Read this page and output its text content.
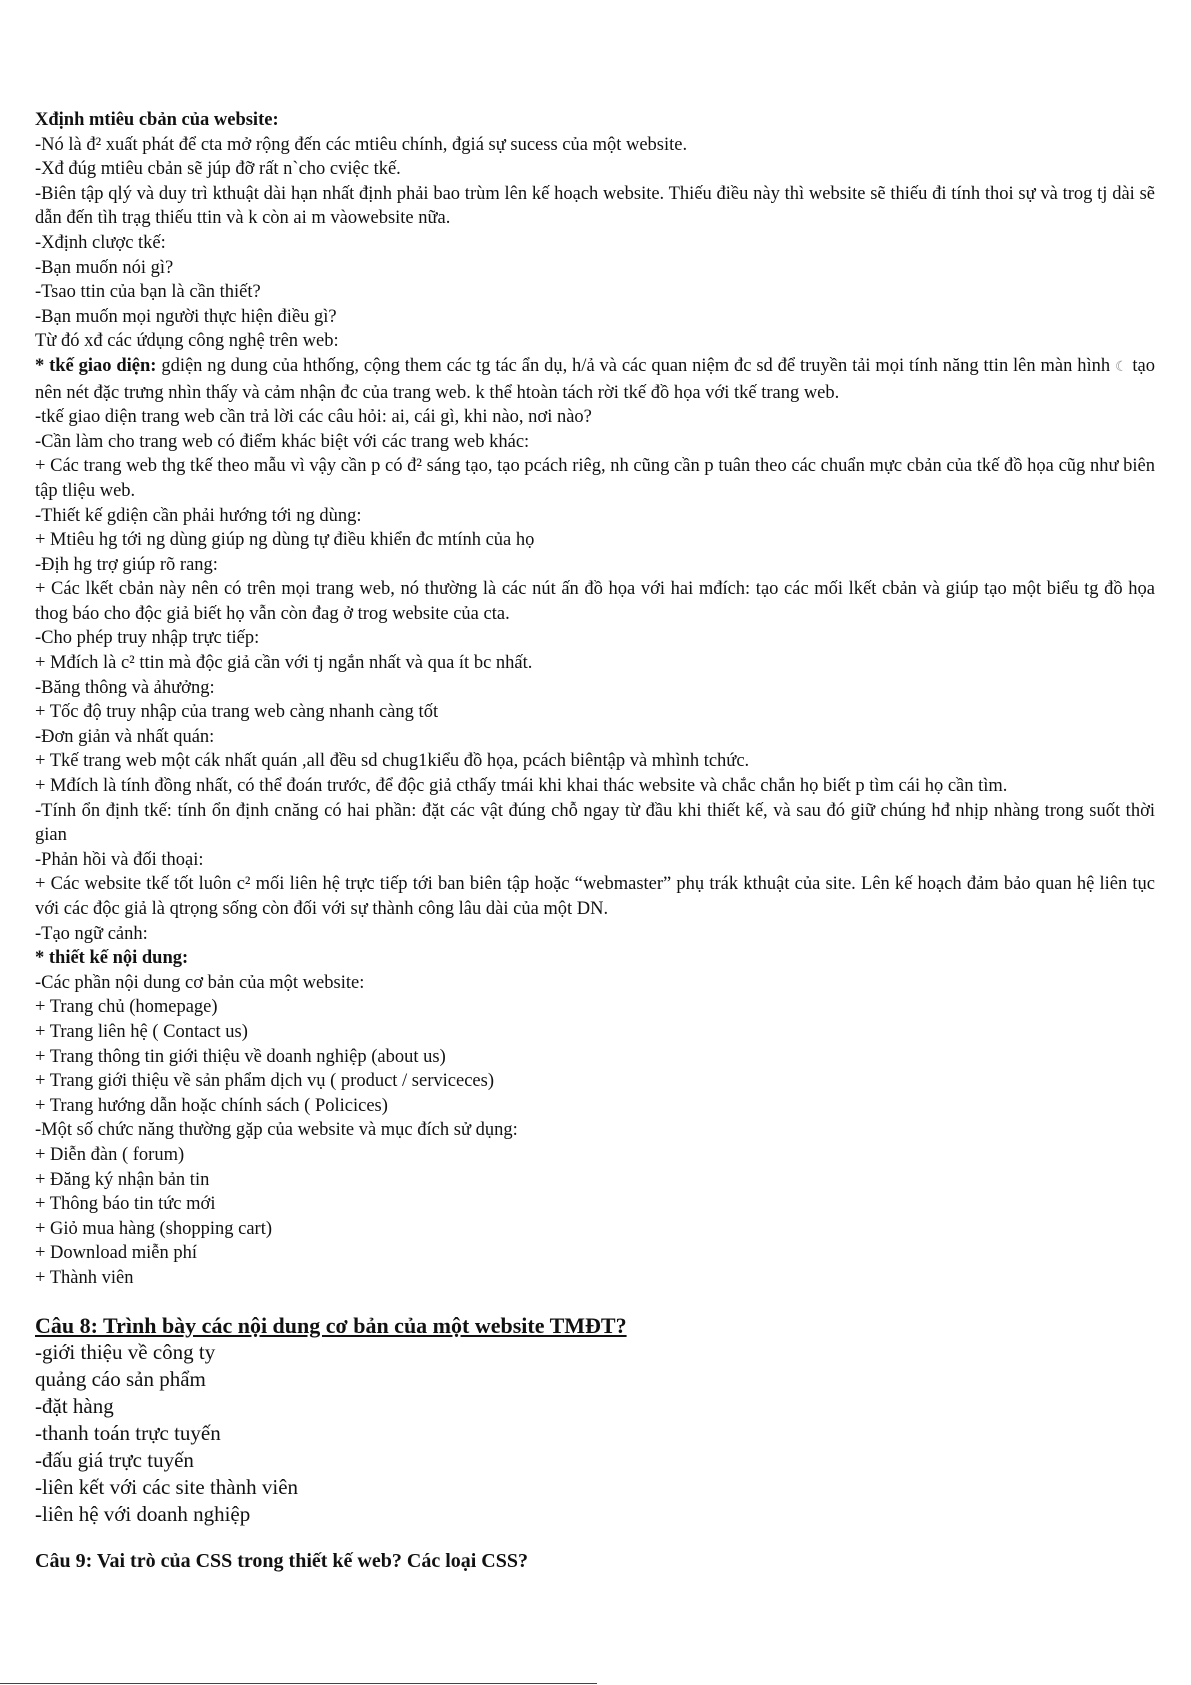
Xđịnh mtiêu cbản của website:

-Nó là đ² xuất phát để cta mở rộng đến các mtiêu chính, đgiá sự sucess của một website.

-Xđ đúg mtiêu cbản sẽ júp đỡ rất n`cho cviệc tkế.

-Biên tập qlý và duy trì kthuật dài hạn nhất định phải bao trùm lên kế hoạch website. Thiếu điều này thì website sẽ thiếu đi tính thoi sự và trog tj dài sẽ dẫn đến tìh trạg thiếu ttin và k còn ai m vàowebsite nữa.

-Xđịnh clược tkế:

-Bạn muốn nói gì?

-Tsao ttin của bạn là cần thiết?

-Bạn muốn mọi người thực hiện điều gì?

Từ đó xđ các ứdụng công nghệ trên web:

* tkế giao diện: gdiện ng dung của hthống, cộng them các tg tác ẩn dụ, h/ả và các quan niệm đc sd để truyền tải mọi tính năng ttin lên màn hình ☾ tạo nên nét đặc trưng nhìn thấy và cảm nhận đc của trang web. k thể htoàn tách rời tkế đồ họa với tkế trang web.

-tkế giao diện trang web cần trả lời các câu hỏi: ai, cái gì, khi nào, nơi nào?

-Cần làm cho trang web có điểm khác biệt với các trang web khác:

+ Các trang web thg tkế theo mẫu vì vậy cần p có đ² sáng tạo, tạo pcách riêg, nh cũng cần p tuân theo các chuẩn mực cbản của tkế đồ họa cũg như biên tập tliệu web.

-Thiết kế gdiện cần phải hướng tới ng dùng:

+ Mtiêu hg tới ng dùng giúp ng dùng tự điều khiển đc mtính của họ

-Địh hg trợ giúp rõ rang:

+ Các lkết cbản này nên có trên mọi trang web, nó thường là các nút ấn đồ họa với hai mđích: tạo các mối lkết cbản và giúp tạo một biểu tg đồ họa thog báo cho độc giả biết họ vẫn còn đag ở trog website của cta.

-Cho phép truy nhập trực tiếp:

+ Mđích là c² ttin mà độc giả cần với tj ngắn nhất và qua ít bc nhất.

-Băng thông và ảhưởng:

+ Tốc độ truy nhập của trang web càng nhanh càng tốt

-Đơn giản và nhất quán:

+ Tkế trang web một cák nhất quán ,all đều sd chug1kiểu đồ họa, pcách biêntập và mhình tchức.

+ Mđích là tính đồng nhất, có thể đoán trước, để độc giả cthấy tmái khi khai thác website và chắc chắn họ biết p tìm cái họ cần tìm.

-Tính ổn định tkế: tính ổn định cnăng có hai phần: đặt các vật đúng chỗ ngay từ đầu khi thiết kế, và sau đó giữ chúng hđ nhịp nhàng trong suốt thời gian

-Phản hồi và đối thoại:

+ Các website tkế tốt luôn c² mối liên hệ trực tiếp tới ban biên tập hoặc “webmaster” phụ trák kthuật của site. Lên kế hoạch đảm bảo quan hệ liên tục với các độc giả là qtrọng sống còn đối với sự thành công lâu dài của một DN.

-Tạo ngữ cảnh:

* thiết kế nội dung:

-Các phần nội dung cơ bản của một website:

+ Trang chủ (homepage)

+ Trang liên hệ ( Contact us)

+ Trang thông tin giới thiệu về doanh nghiệp (about us)

+ Trang giới thiệu về sản phẩm dịch vụ ( product / serviceces)

+ Trang hướng dẫn hoặc chính sách ( Policices)

-Một số chức năng thường gặp của website và mục đích sử dụng:

+ Diễn đàn ( forum)

+ Đăng ký nhận bản tin

+ Thông báo tin tức mới

+ Giỏ mua hàng (shopping cart)

+ Download miễn phí

+ Thành viên

Câu 8: Trình bày các nội dung cơ bản của một website TMĐT?

-giới thiệu về công ty

quảng cáo sản phẩm

-đặt hàng

-thanh toán trực tuyến

-đấu giá trực tuyến

-liên kết với các site thành viên

-liên hệ với doanh nghiệp

Câu 9: Vai trò của CSS trong thiết kế web? Các loại CSS?
